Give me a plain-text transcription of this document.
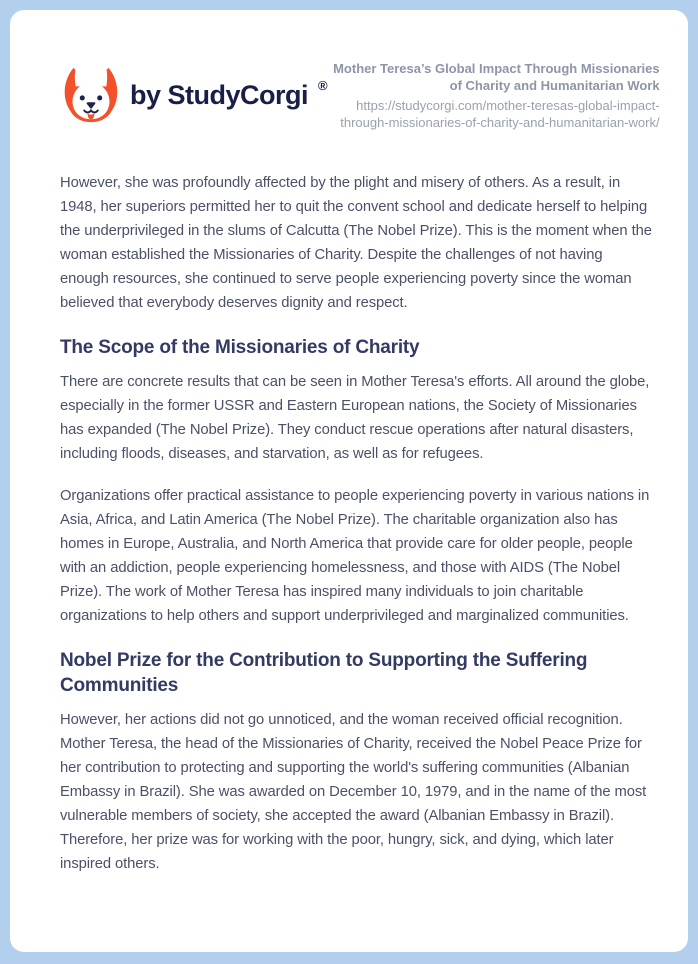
by StudyCorgi ®
Mother Teresa’s Global Impact Through Missionaries of Charity and Humanitarian Work
https://studycorgi.com/mother-teresas-global-impact-through-missionaries-of-charity-and-humanitarian-work/

However, she was profoundly affected by the plight and misery of others. As a result, in 1948, her superiors permitted her to quit the convent school and dedicate herself to helping the underprivileged in the slums of Calcutta (The Nobel Prize). This is the moment when the woman established the Missionaries of Charity. Despite the challenges of not having enough resources, she continued to serve people experiencing poverty since the woman believed that everybody deserves dignity and respect.

The Scope of the Missionaries of Charity

There are concrete results that can be seen in Mother Teresa's efforts. All around the globe, especially in the former USSR and Eastern European nations, the Society of Missionaries has expanded (The Nobel Prize). They conduct rescue operations after natural disasters, including floods, diseases, and starvation, as well as for refugees.

Organizations offer practical assistance to people experiencing poverty in various nations in Asia, Africa, and Latin America (The Nobel Prize). The charitable organization also has homes in Europe, Australia, and North America that provide care for older people, people with an addiction, people experiencing homelessness, and those with AIDS (The Nobel Prize). The work of Mother Teresa has inspired many individuals to join charitable organizations to help others and support underprivileged and marginalized communities.

Nobel Prize for the Contribution to Supporting the Suffering Communities

However, her actions did not go unnoticed, and the woman received official recognition. Mother Teresa, the head of the Missionaries of Charity, received the Nobel Peace Prize for her contribution to protecting and supporting the world's suffering communities (Albanian Embassy in Brazil). She was awarded on December 10, 1979, and in the name of the most vulnerable members of society, she accepted the award (Albanian Embassy in Brazil). Therefore, her prize was for working with the poor, hungry, sick, and dying, which later inspired others.
